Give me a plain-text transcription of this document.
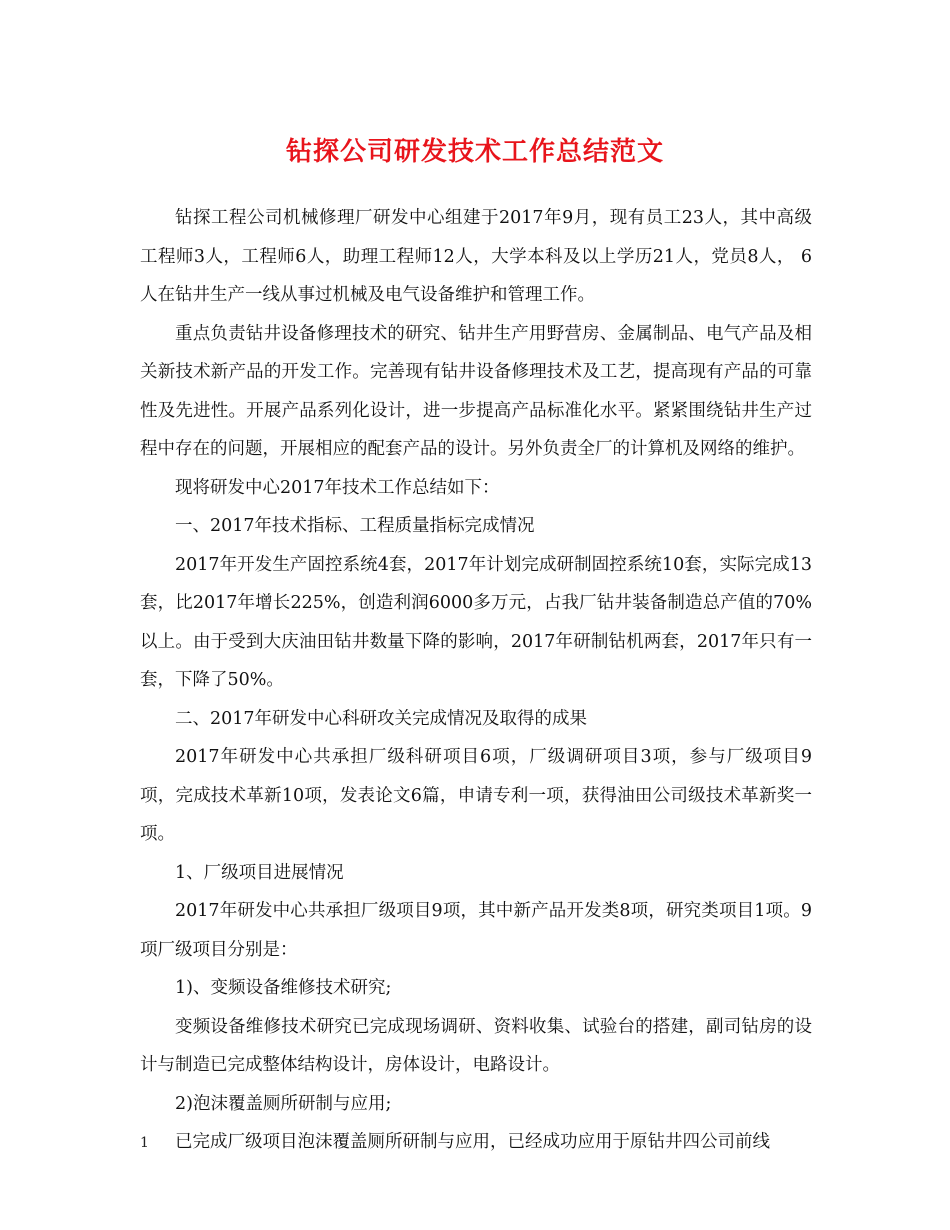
钻探公司研发技术工作总结范文

钻探工程公司机械修理厂研发中心组建于2017年9月，现有员工23人，其中高级工程师3人，工程师6人，助理工程师12人，大学本科及以上学历21人，党员8人， 6人在钻井生产一线从事过机械及电气设备维护和管理工作。

重点负责钻井设备修理技术的研究、钻井生产用野营房、金属制品、电气产品及相关新技术新产品的开发工作。完善现有钻井设备修理技术及工艺，提高现有产品的可靠性及先进性。开展产品系列化设计，进一步提高产品标准化水平。紧紧围绕钻井生产过程中存在的问题，开展相应的配套产品的设计。另外负责全厂的计算机及网络的维护。

现将研发中心2017年技术工作总结如下：

一、2017年技术指标、工程质量指标完成情况

2017年开发生产固控系统4套，2017年计划完成研制固控系统10套，实际完成13套，比2017年增长225%，创造利润6000多万元，占我厂钻井装备制造总产值的70%以上。由于受到大庆油田钻井数量下降的影响，2017年研制钻机两套，2017年只有一套，下降了50%。

二、2017年研发中心科研攻关完成情况及取得的成果

2017年研发中心共承担厂级科研项目6项，厂级调研项目3项，参与厂级项目9项，完成技术革新10项，发表论文6篇，申请专利一项，获得油田公司级技术革新奖一项。

1、厂级项目进展情况

2017年研发中心共承担厂级项目9项，其中新产品开发类8项，研究类项目1项。9项厂级项目分别是：

1)、变频设备维修技术研究;

变频设备维修技术研究已完成现场调研、资料收集、试验台的搭建，副司钻房的设计与制造已完成整体结构设计，房体设计，电路设计。

2)泡沫覆盖厕所研制与应用;

已完成厂级项目泡沫覆盖厕所研制与应用，已经成功应用于原钻井四公司前线

1
